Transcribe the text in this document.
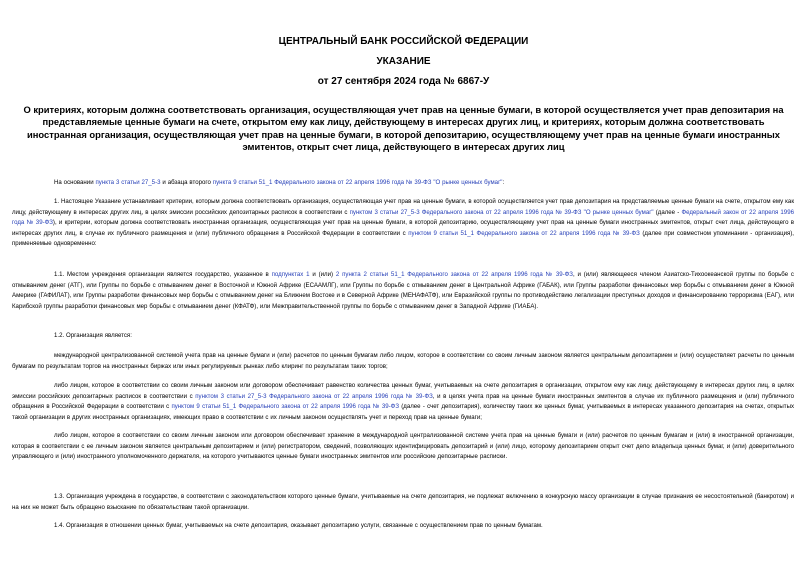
ЦЕНТРАЛЬНЫЙ БАНК РОССИЙСКОЙ ФЕДЕРАЦИИ
УКАЗАНИЕ
от 27 сентября 2024 года № 6867-У
О критериях, которым должна соответствовать организация, осуществляющая учет прав на ценные бумаги, в которой осуществляется учет прав депозитария на представляемые ценные бумаги на счете, открытом ему как лицу, действующему в интересах других лиц, и критериях, которым должна соответствовать иностранная организация, осуществляющая учет прав на ценные бумаги, в которой депозитарию, осуществляющему учет прав на ценные бумаги иностранных эмитентов, открыт счет лица, действующего в интересах других лиц

На основании пункта 3 статьи 27_5-3 и абзаца второго пункта 9 статьи 51_1 Федерального закона от 22 апреля 1996 года № 39-ФЗ "О рынке ценных бумаг":

1. Настоящее Указание устанавливает критерии, которым должна соответствовать организация, осуществляющая учет прав на ценные бумаги, в которой осуществляется учет прав депозитария на представляемые ценные бумаги на счете, открытом ему как лицу, действующему в интересах других лиц, в целях эмиссии российских депозитарных расписок в соответствии с пунктом 3 статьи 27_5-3 Федерального закона от 22 апреля 1996 года № 39-ФЗ "О рынке ценных бумаг" (далее - Федеральный закон от 22 апреля 1996 года № 39-ФЗ), и критерии, которым должна соответствовать иностранная организация, осуществляющая учет прав на ценные бумаги, в которой депозитарию, осуществляющему учет прав на ценные бумаги иностранных эмитентов, открыт счет лица, действующего в интересах других лиц, в случае их публичного размещения и (или) публичного обращения в Российской Федерации в соответствии с пунктом 9 статьи 51_1 Федерального закона от 22 апреля 1996 года № 39-ФЗ (далее при совместном упоминании - организация), применяемые одновременно:

1.1. Местом учреждения организации является государство, указанное в подпунктах 1 и (или) 2 пункта 2 статьи 51_1 Федерального закона от 22 апреля 1996 года № 39-ФЗ, и (или) являющееся членом Азиатско-Тихоокеанской группы по борьбе с отмыванием денег (АТГ), или Группы по борьбе с отмыванием денег в Восточной и Южной Африке (ЕСААМЛГ), или Группы по борьбе с отмыванием денег в Центральной Африке (ГАБАК), или Группы разработки финансовых мер борьбы с отмыванием денег в Южной Америке (ГАФИЛАТ), или Группы разработки финансовых мер борьбы с отмыванием денег на Ближнем Востоке и в Северной Африке (МЕНАФАТФ), или Евразийской группы по противодействию легализации преступных доходов и финансированию терроризма (ЕАГ), или Карибской группы разработки финансовых мер борьбы с отмыванием денег (КФАТФ), или Межправительственной группы по борьбе с отмыванием денег в Западной Африке (ГИАБА).

1.2. Организация является:

международной централизованной системой учета прав на ценные бумаги и (или) расчетов по ценным бумагам либо лицом, которое в соответствии со своим личным законом является центральным депозитарием и (или) осуществляет расчеты по ценным бумагам по результатам торгов на иностранных биржах или иных регулируемых рынках либо клиринг по результатам таких торгов;

либо лицом, которое в соответствии со своим личным законом или договором обеспечивает равенство количества ценных бумаг, учитываемых на счете депозитария в организации, открытом ему как лицу, действующему в интересах других лиц, в целях эмиссии российских депозитарных расписок в соответствии с пунктом 3 статьи 27_5-3 Федерального закона от 22 апреля 1996 года № 39-ФЗ, и в целях учета прав на ценные бумаги иностранных эмитентов в случае их публичного размещения и (или) публичного обращения в Российской Федерации в соответствии с пунктом 9 статьи 51_1 Федерального закона от 22 апреля 1996 года № 39-ФЗ (далее - счет депозитария), количеству таких же ценных бумаг, учитываемых в интересах указанного депозитария на счетах, открытых такой организации в других иностранных организациях, имеющих право в соответствии с их личным законом осуществлять учет и переход прав на ценные бумаги;

либо лицом, которое в соответствии со своим личным законом или договором обеспечивает хранение в международной централизованной системе учета прав на ценные бумаги и (или) расчетов по ценным бумагам и (или) в иностранной организации, которая в соответствии с ее личным законом является центральным депозитарием и (или) регистратором, сведений, позволяющих идентифицировать депозитарий и (или) лицо, которому депозитарием открыт счет депо владельца ценных бумаг, и (или) доверительного управляющего и (или) иностранного уполномоченного держателя, на которого учитываются ценные бумаги иностранных эмитентов или российские депозитарные расписки.

1.3. Организация учреждена в государстве, в соответствии с законодательством которого ценные бумаги, учитываемые на счете депозитария, не подлежат включению в конкурсную массу организации в случае признания ее несостоятельной (банкротом) и на них не может быть обращено взыскание по обязательствам такой организации.

1.4. Организация в отношении ценных бумаг, учитываемых на счете депозитария, оказывает депозитарию услуги, связанные с осуществлением прав по ценным бумагам.
